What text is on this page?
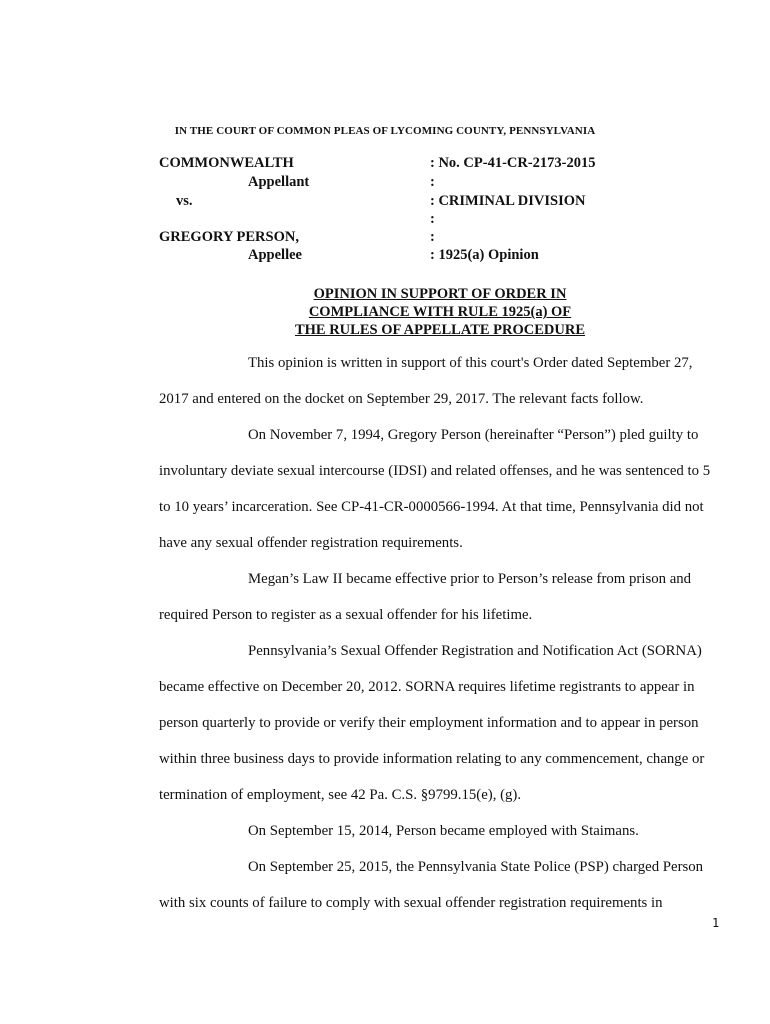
IN THE COURT OF COMMON PLEAS OF LYCOMING COUNTY, PENNSYLVANIA
COMMONWEALTH
Appellant
vs.
GREGORY PERSON,
Appellee
: No. CP-41-CR-2173-2015
:
: CRIMINAL DIVISION
:
:
: 1925(a) Opinion
OPINION IN SUPPORT OF ORDER IN
COMPLIANCE WITH RULE 1925(a) OF
THE RULES OF APPELLATE PROCEDURE
This opinion is written in support of this court's Order dated September 27,
2017 and entered on the docket on September 29, 2017. The relevant facts follow.
On November 7, 1994, Gregory Person (hereinafter “Person”) pled guilty to
involuntary deviate sexual intercourse (IDSI) and related offenses, and he was sentenced to 5
to 10 years’ incarceration. See CP-41-CR-0000566-1994. At that time, Pennsylvania did not
have any sexual offender registration requirements.
Megan’s Law II became effective prior to Person’s release from prison and
required Person to register as a sexual offender for his lifetime.
Pennsylvania’s Sexual Offender Registration and Notification Act (SORNA)
became effective on December 20, 2012. SORNA requires lifetime registrants to appear in
person quarterly to provide or verify their employment information and to appear in person
within three business days to provide information relating to any commencement, change or
termination of employment, see 42 Pa. C.S. §9799.15(e), (g).
On September 15, 2014, Person became employed with Staimans.
On September 25, 2015, the Pennsylvania State Police (PSP) charged Person
with six counts of failure to comply with sexual offender registration requirements in
1
